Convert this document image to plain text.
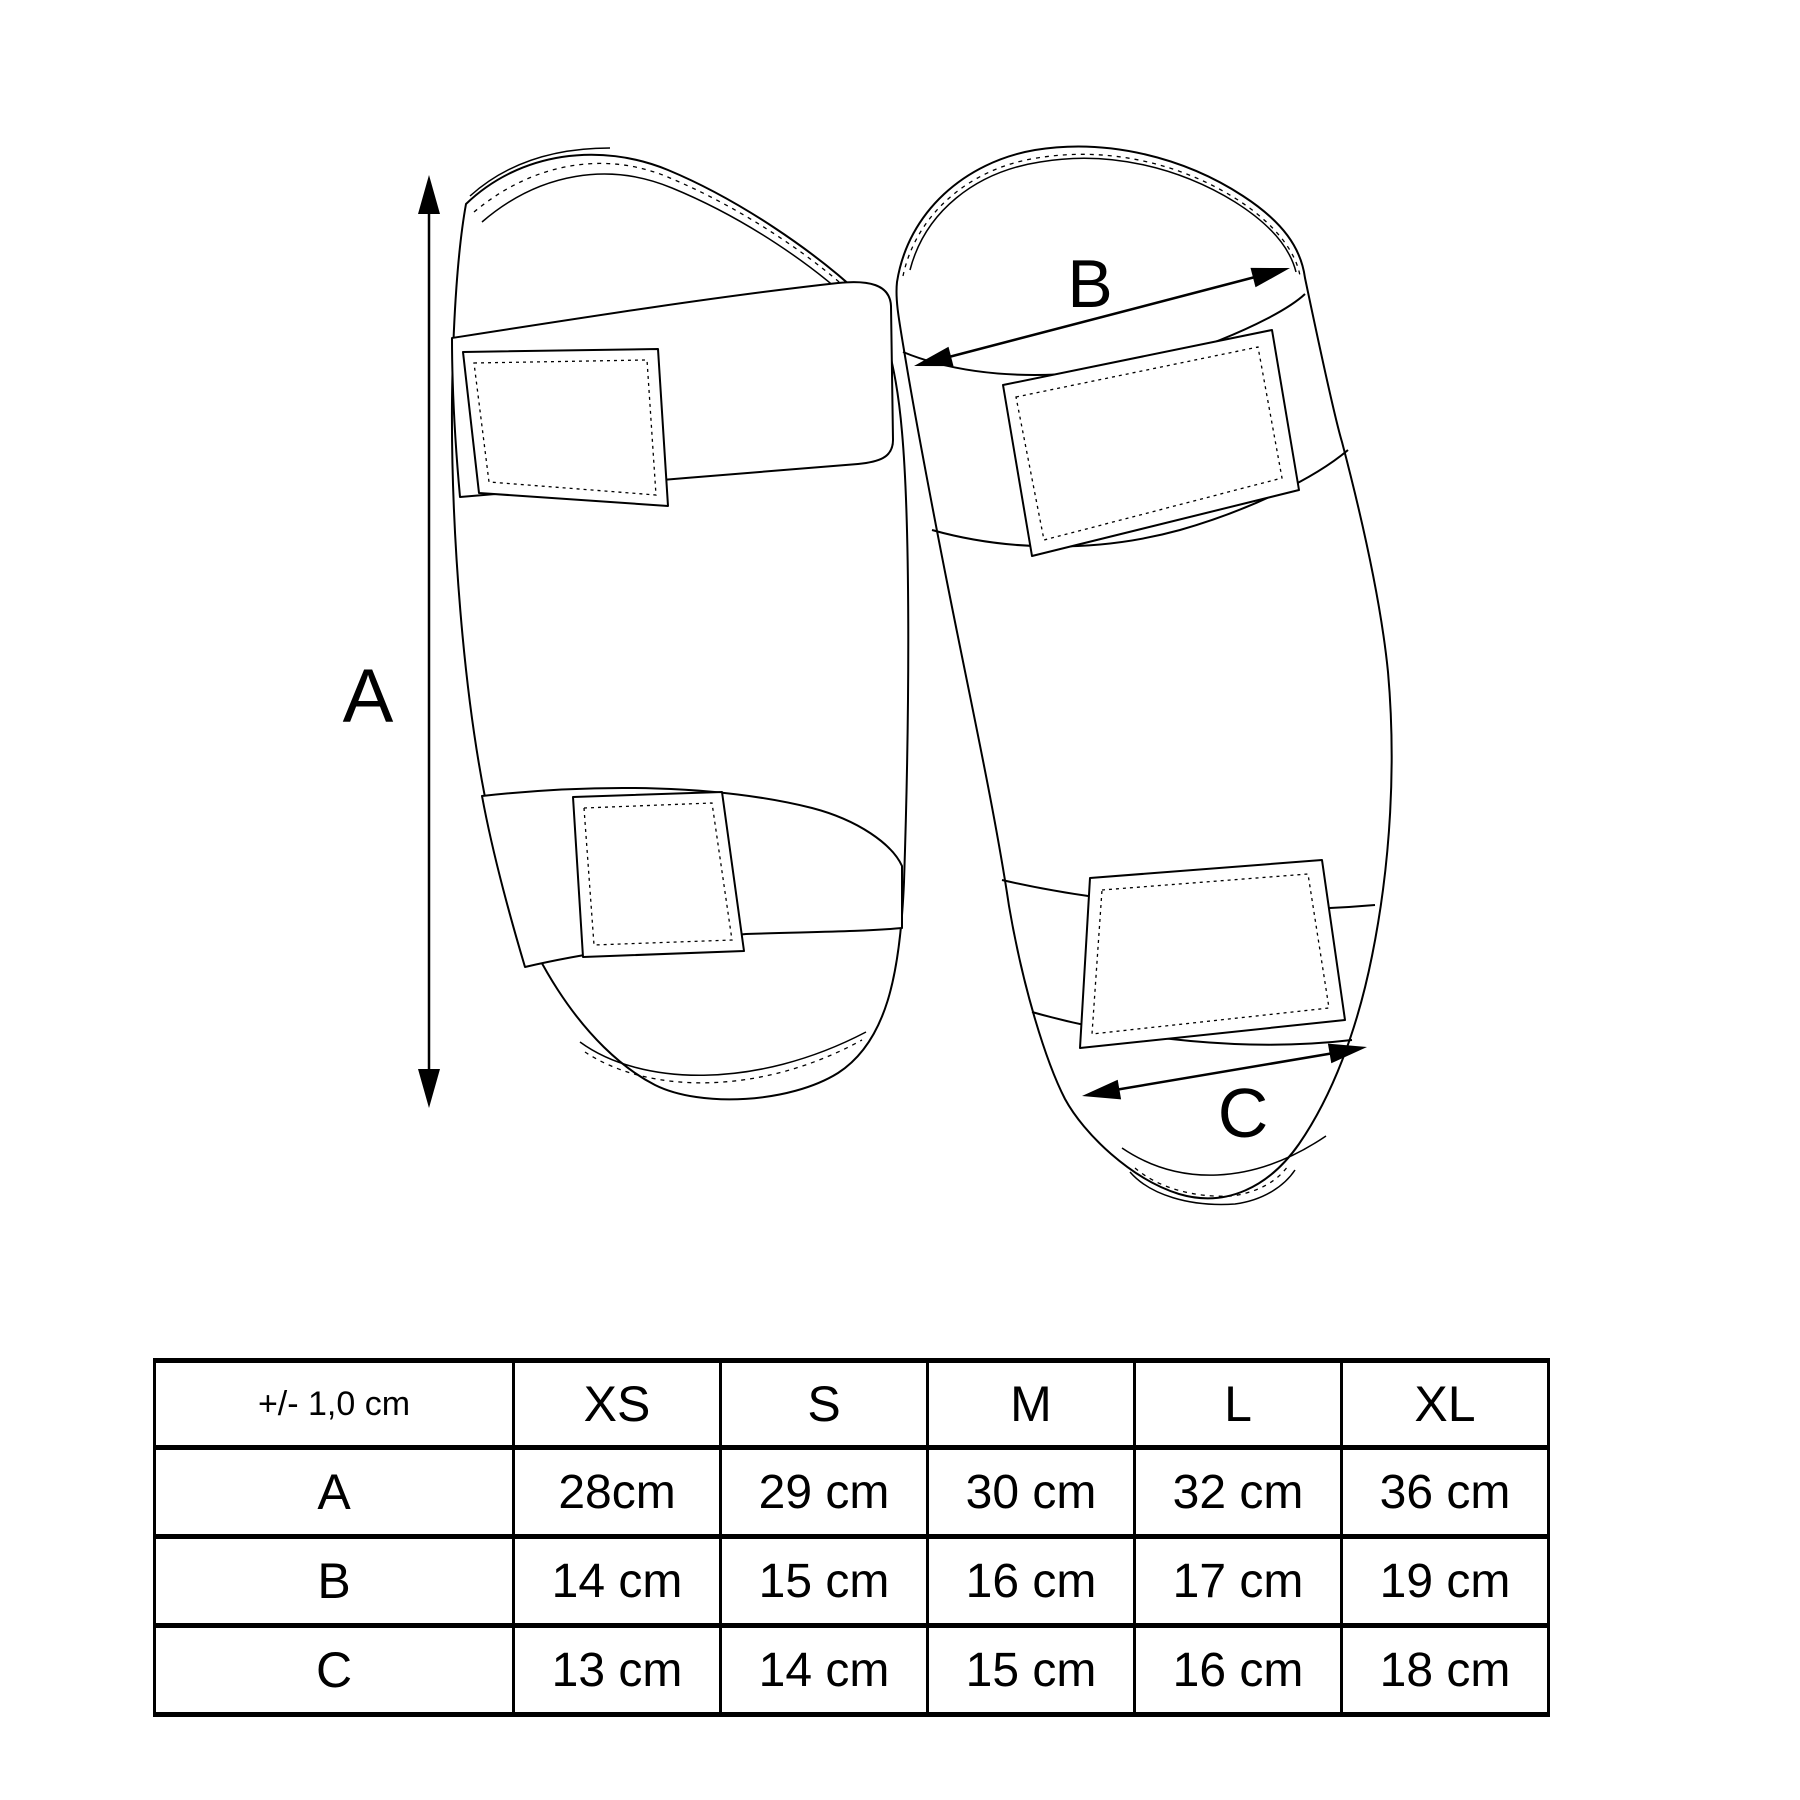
A
B
C
+/- 1,0 cm	XS	S	M	L	XL
A	28cm	29 cm	30 cm	32 cm	36 cm
B	14 cm	15 cm	16 cm	17 cm	19 cm
C	13 cm	14 cm	15 cm	16 cm	18 cm
